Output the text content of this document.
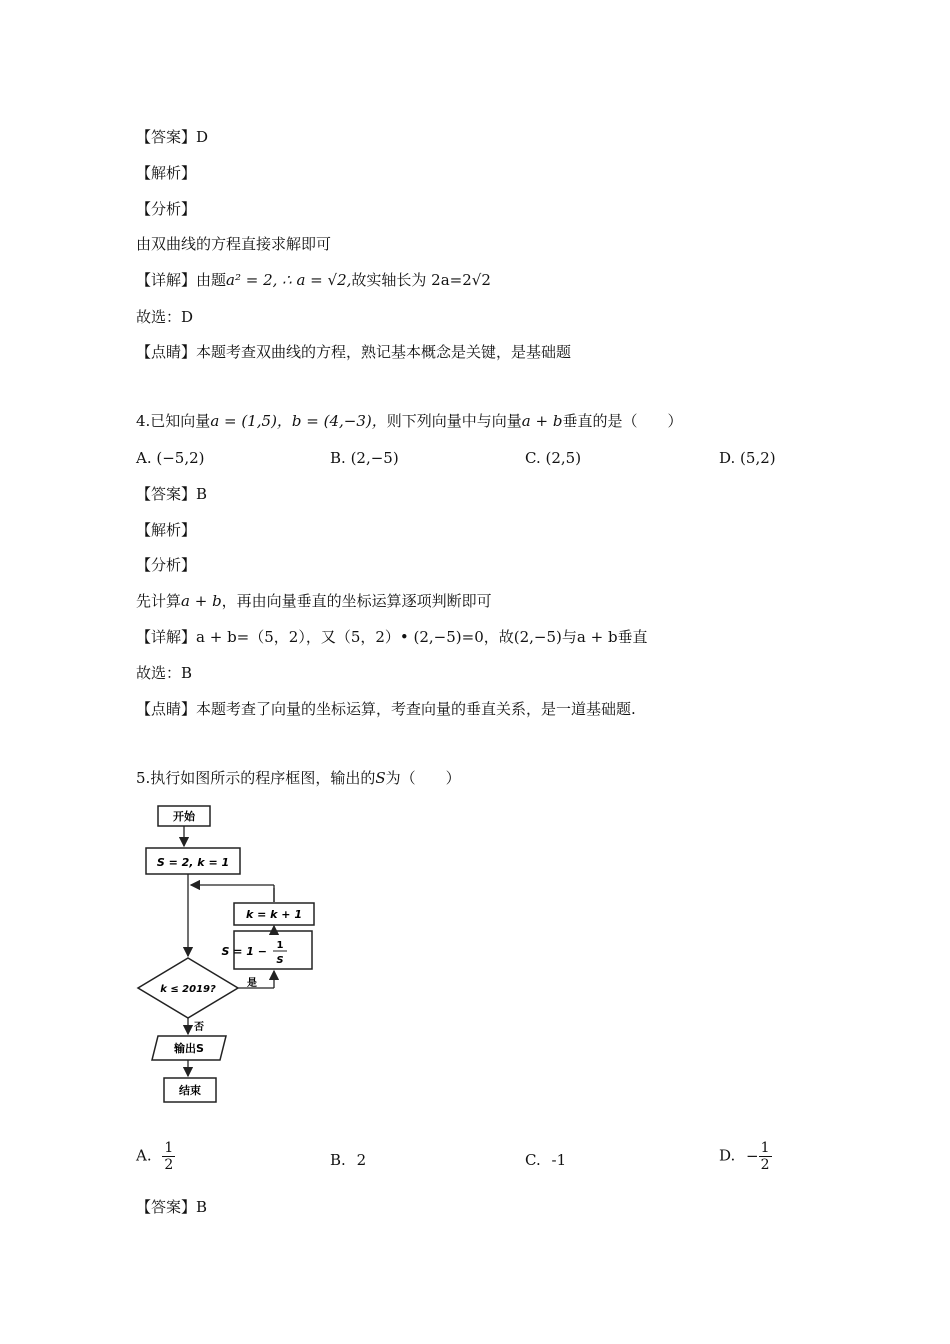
【答案】D
【解析】
【分析】
由双曲线的方程直接求解即可
【详解】由题a² = 2, ∴ a = √2,故实轴长为 2a=2√2
故选：D
【点睛】本题考查双曲线的方程，熟记基本概念是关键，是基础题
4.已知向量a = (1,5)，b = (4,−3)，则下列向量中与向量a + b垂直的是（　　）
A. (−5,2)	B. (2,−5)	C. (2,5)	D. (5,2)
【答案】B
【解析】
【分析】
先计算a + b，再由向量垂直的坐标运算逐项判断即可
【详解】a + b=（5，2），又（5，2）• (2,−5)=0，故(2,−5)与a + b垂直
故选：B
【点睛】本题考查了向量的坐标运算，考查向量的垂直关系，是一道基础题.
5.执行如图所示的程序框图，输出的S为（　　）
开始
S = 2, k = 1
k = k + 1
S = 1 − 1
S
k ≤ 2019?
是
否
输出S
结束
A. $\frac{1}{2}$	B. 2	C. -1	D. − $\frac{1}{2}$
【答案】B
